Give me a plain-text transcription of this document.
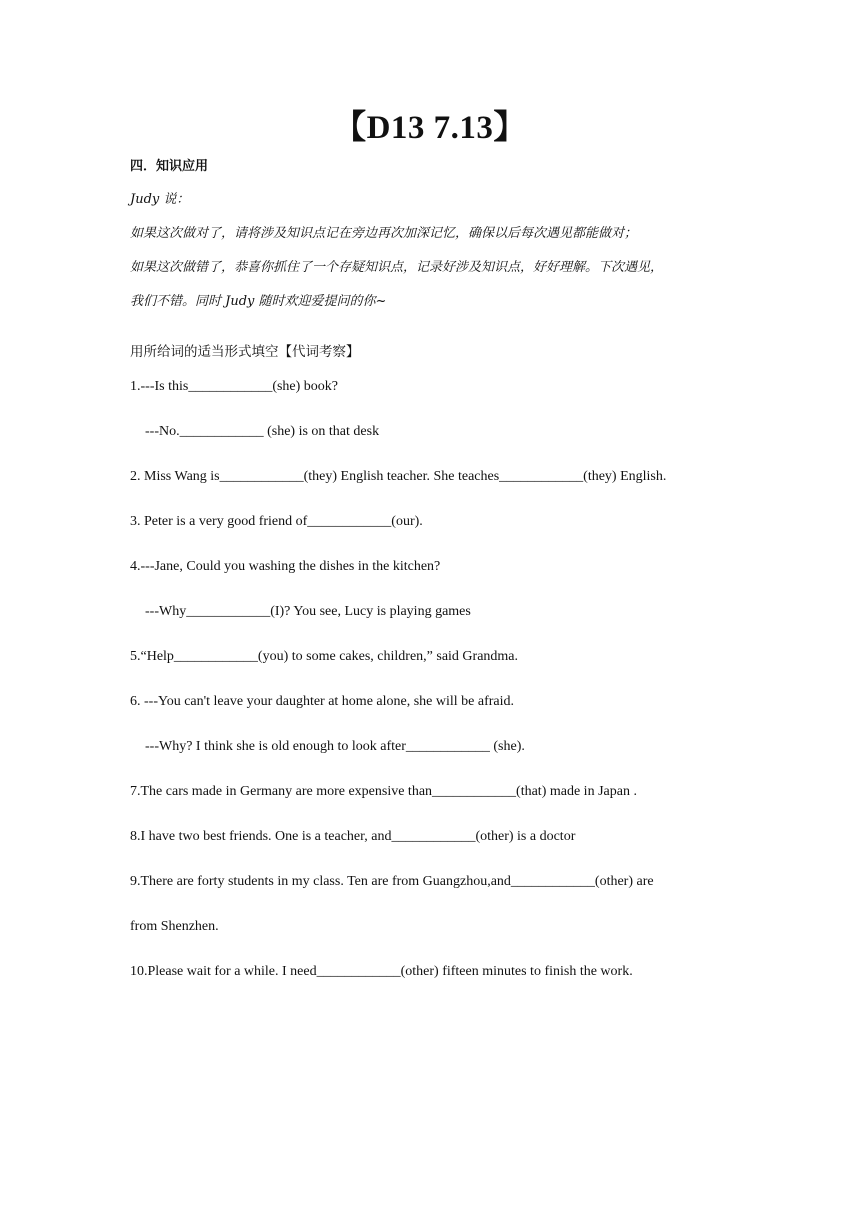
【D13 7.13】
四．知识应用
Judy 说：
如果这次做对了，请将涉及知识点记在旁边再次加深记忆，确保以后每次遇见都能做对；
如果这次做错了，恭喜你抓住了一个存疑知识点，记录好涉及知识点，好好理解。下次遇见，
我们不错。同时 Judy 随时欢迎爱提问的你~
用所给词的适当形式填空【代词考察】
1.---Is this____________(she) book?
---No.____________ (she) is on that desk
2. Miss Wang is____________(they) English teacher. She teaches____________(they) English.
3. Peter is a very good friend of____________(our).
4.---Jane, Could you washing the dishes in the kitchen?
---Why____________(I)? You see, Lucy is playing games
5.“Help____________(you) to some cakes, children,” said Grandma.
6. ---You can't leave your daughter at home alone, she will be afraid.
---Why? I think she is old enough to look after____________ (she).
7.The cars made in Germany are more expensive than____________(that) made in Japan .
8.I have two best friends. One is a teacher, and____________(other) is a doctor
9.There are forty students in my class. Ten are from Guangzhou,and____________(other) are
from Shenzhen.
10.Please wait for a while. I need____________(other) fifteen minutes to finish the work.
